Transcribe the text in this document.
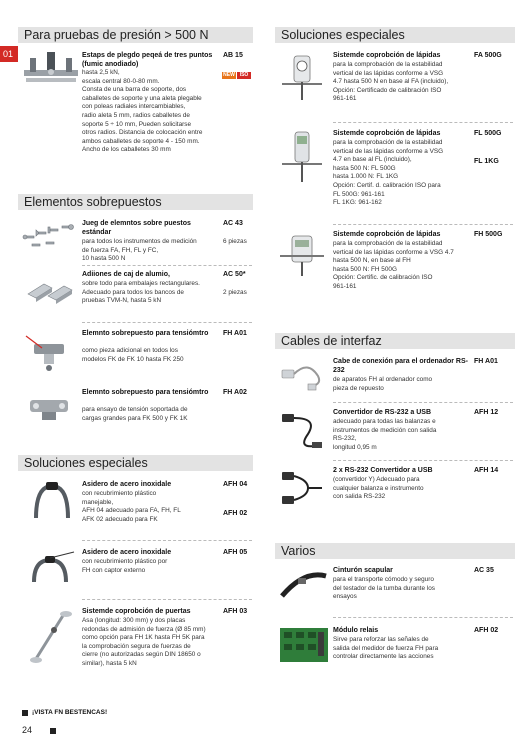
Para pruebas de presión > 500 N
01	Estaps de plegdo peqeá de tres puntos (fumic anodiado)
AB 15
NEW ISO
hasta 2,5 kN,
escala central 80-0-80 mm.
Consta de una barra de soporte, dos
caballetes de soporte y una aleta plegable
con poleas radiales intercambiables,
radio aleta 5 mm, radios caballetes de
soporte 5 ÷ 10 mm, Pueden solicitarse
otros radios. Distancia de colocación entre
ambos caballetes de soporte 4 - 150 mm.
Ancho de los caballetes 30 mm
Elementos sobrepuestos
Jueg de elemntos sobre puestos estándar
AC 43
6 piezas
para todos los instrumentos de medición
de fuerza FA, FH, FL y FC,
10 hasta 500 N
Adiiones de caj de alumio,	AC 50*
2 piezas
sobre todo para embalajes rectangulares.
Adecuado para todos los bancos de
pruebas TVM-N, hasta 5 kN
Elemnto sobrepuesto para tensiómtro	FH A01
como pieza adicional en todos los
modelos FK de FK 10 hasta FK 250
Elemnto sobrepuesto para tensiómtro	FH A02
para ensayo de tensión soportada de
cargas grandes para FK 500 y FK 1K
Soluciones especiales
Asidero de acero inoxidale	AFH 04
AFH 02
con recubrimiento plástico
manejable,
AFH 04 adecuado para FA, FH, FL
AFK 02 adecuado para FK
Asidero de acero inoxidale	AFH 05
con recubrimiento plástico por
FH con captor externo
Sistemde coprobción de puertas	AFH 03
Asa (longitud: 300 mm) y dos placas
redondas de admisión de fuerza (Ø 85 mm)
como opción para FH 1K hasta FH 5K para
la comprobación segura de fuerzas de
cierre (no autorizadas según DIN 18650 o
similar), hasta 5 kN
Soluciones especiales
Sistemde coprobción de lápidas	FA 500G
para la comprobación de la estabilidad
vertical de las lápidas conforme a VSG
4.7 hasta 500 N en base al FA (incluido),
Opción: Certificado de calibración ISO
961-161
Sistemde coprobción de lápidas	FL 500G
FL 1KG
para la comprobación de la estabilidad
vertical de las lápidas conforme a VSG
4.7 en base al FL (incluido),
hasta 500 N: FL 500G
hasta 1.000 N: FL 1KG
Opción: Certif. d. calibración ISO para
FL 500G: 961-161
FL 1KG: 961-162
Sistemde coprobción de lápidas	FH 500G
para la comprobación de la estabilidad
vertical de las lápidas conforme a VSG 4.7
hasta 500 N, en base al FH
hasta 500 N: FH 500G
Opción: Certific. de calibración ISO
961-161
Cables de interfaz
Cabe de conexión para el ordenador RS-232
FH A01
de aparatos FH al ordenador como
pieza de repuesto
Convertidor de RS-232 a USB	AFH 12
adecuado para todas las balanzas e
instrumentos de medición con salida
RS-232,
longitud 0,95 m
2 x RS-232 Convertidor a USB	AFH 14
(convertidor Y) Adecuado para
cualquier balanza e instrumento
con salida RS-232
Varios
Cinturón scapular	AC 35
para el transporte cómodo y seguro
del testador de la tumba durante los
ensayos
Módulo relais	AFH 02
Sirve para reforzar las señales de
salida del medidor de fuerza FH para
controlar directamente las acciones
¡VISTA FN BESTENCAS!
24
